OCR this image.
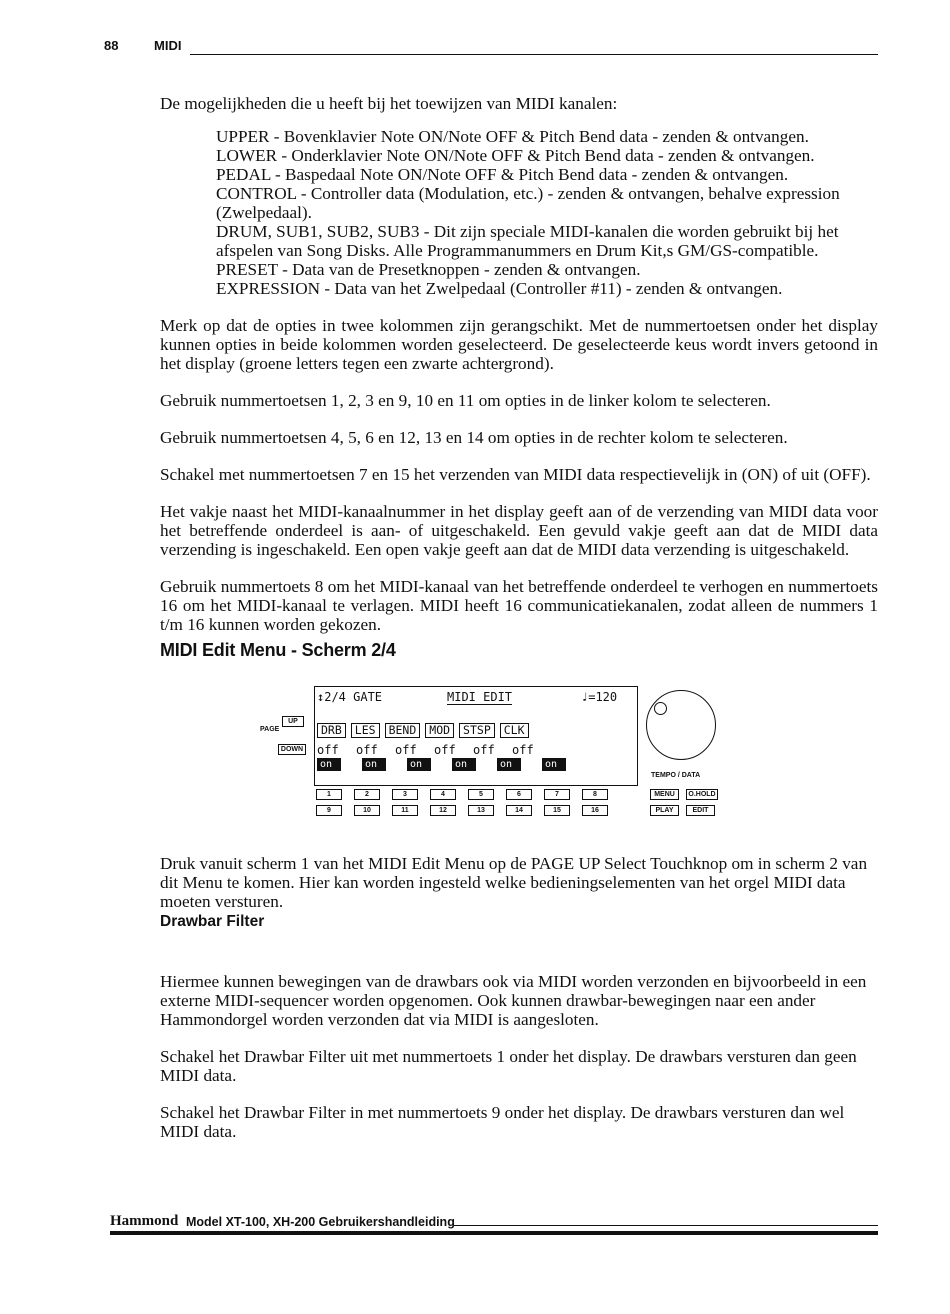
88	MIDI

De mogelijkheden die u heeft bij het toewijzen van MIDI kanalen:

UPPER - Bovenklavier Note ON/Note OFF & Pitch Bend data - zenden & ontvangen.
LOWER - Onderklavier Note ON/Note OFF & Pitch Bend data - zenden & ontvangen.
PEDAL - Baspedaal Note ON/Note OFF & Pitch Bend data - zenden & ontvangen.
CONTROL - Controller data (Modulation, etc.) - zenden & ontvangen, behalve expression (Zwelpedaal).
DRUM, SUB1, SUB2, SUB3 - Dit zijn speciale MIDI-kanalen die worden gebruikt bij het afspelen van Song Disks. Alle Programmanummers en Drum Kit,s GM/GS-compatible.
PRESET - Data van de Presetknoppen - zenden & ontvangen.
EXPRESSION - Data van het Zwelpedaal (Controller #11) - zenden & ontvangen.

Merk op dat de opties in twee kolommen zijn gerangschikt. Met de nummertoetsen onder het display kunnen opties in beide kolommen worden geselecteerd. De geselecteerde keus wordt invers getoond in het display (groene letters tegen een zwarte achtergrond).

Gebruik nummertoetsen 1, 2, 3 en 9, 10 en 11 om opties in de linker kolom te selecteren.

Gebruik nummertoetsen 4, 5, 6 en 12, 13 en 14 om opties in de rechter kolom te selecteren.

Schakel met nummertoetsen 7 en 15 het verzenden van MIDI data respectievelijk in (ON) of uit (OFF).

Het vakje naast het MIDI-kanaalnummer in het display geeft aan of de verzending van MIDI data voor het betreffende onderdeel is aan- of uitgeschakeld. Een gevuld vakje geeft aan dat de MIDI data verzending is ingeschakeld. Een open vakje geeft aan dat de MIDI data verzending is uitgeschakeld.

Gebruik nummertoets 8 om het MIDI-kanaal van het betreffende onderdeel te verhogen en nummertoets 16 om het MIDI-kanaal te verlagen. MIDI heeft 16 communicatiekanalen, zodat alleen de nummers 1 t/m 16 kunnen worden gekozen.

MIDI Edit Menu - Scherm 2/4
PAGE
UP
DOWN
↕2/4 GATE	MIDI EDIT	♩=120
DRB	LES	BEND	MOD	STSP	CLK
off	off	off	off	off	off
on	on	on	on	on	on
TEMPO / DATA
1	2	3	4	5	6	7	8
9	10	11	12	13	14	15	16
MENU	O.HOLD
PLAY	EDIT

Druk vanuit scherm 1 van het MIDI Edit Menu op de PAGE UP Select Touchknop om in scherm 2 van dit Menu te komen. Hier kan worden ingesteld welke bedieningselementen van het orgel MIDI data moeten versturen.

Drawbar Filter

Hiermee kunnen bewegingen van de drawbars ook via MIDI worden verzonden en bijvoorbeeld in een externe MIDI-sequencer worden opgenomen. Ook kunnen drawbar-bewegingen naar een ander Hammondorgel worden verzonden dat via MIDI is aangesloten.

Schakel het Drawbar Filter uit met nummertoets 1 onder het display. De drawbars versturen dan geen MIDI data.

Schakel het Drawbar Filter in met nummertoets 9 onder het display. De drawbars versturen dan wel MIDI data.

Hammond Model XT-100, XH-200 Gebruikershandleiding
